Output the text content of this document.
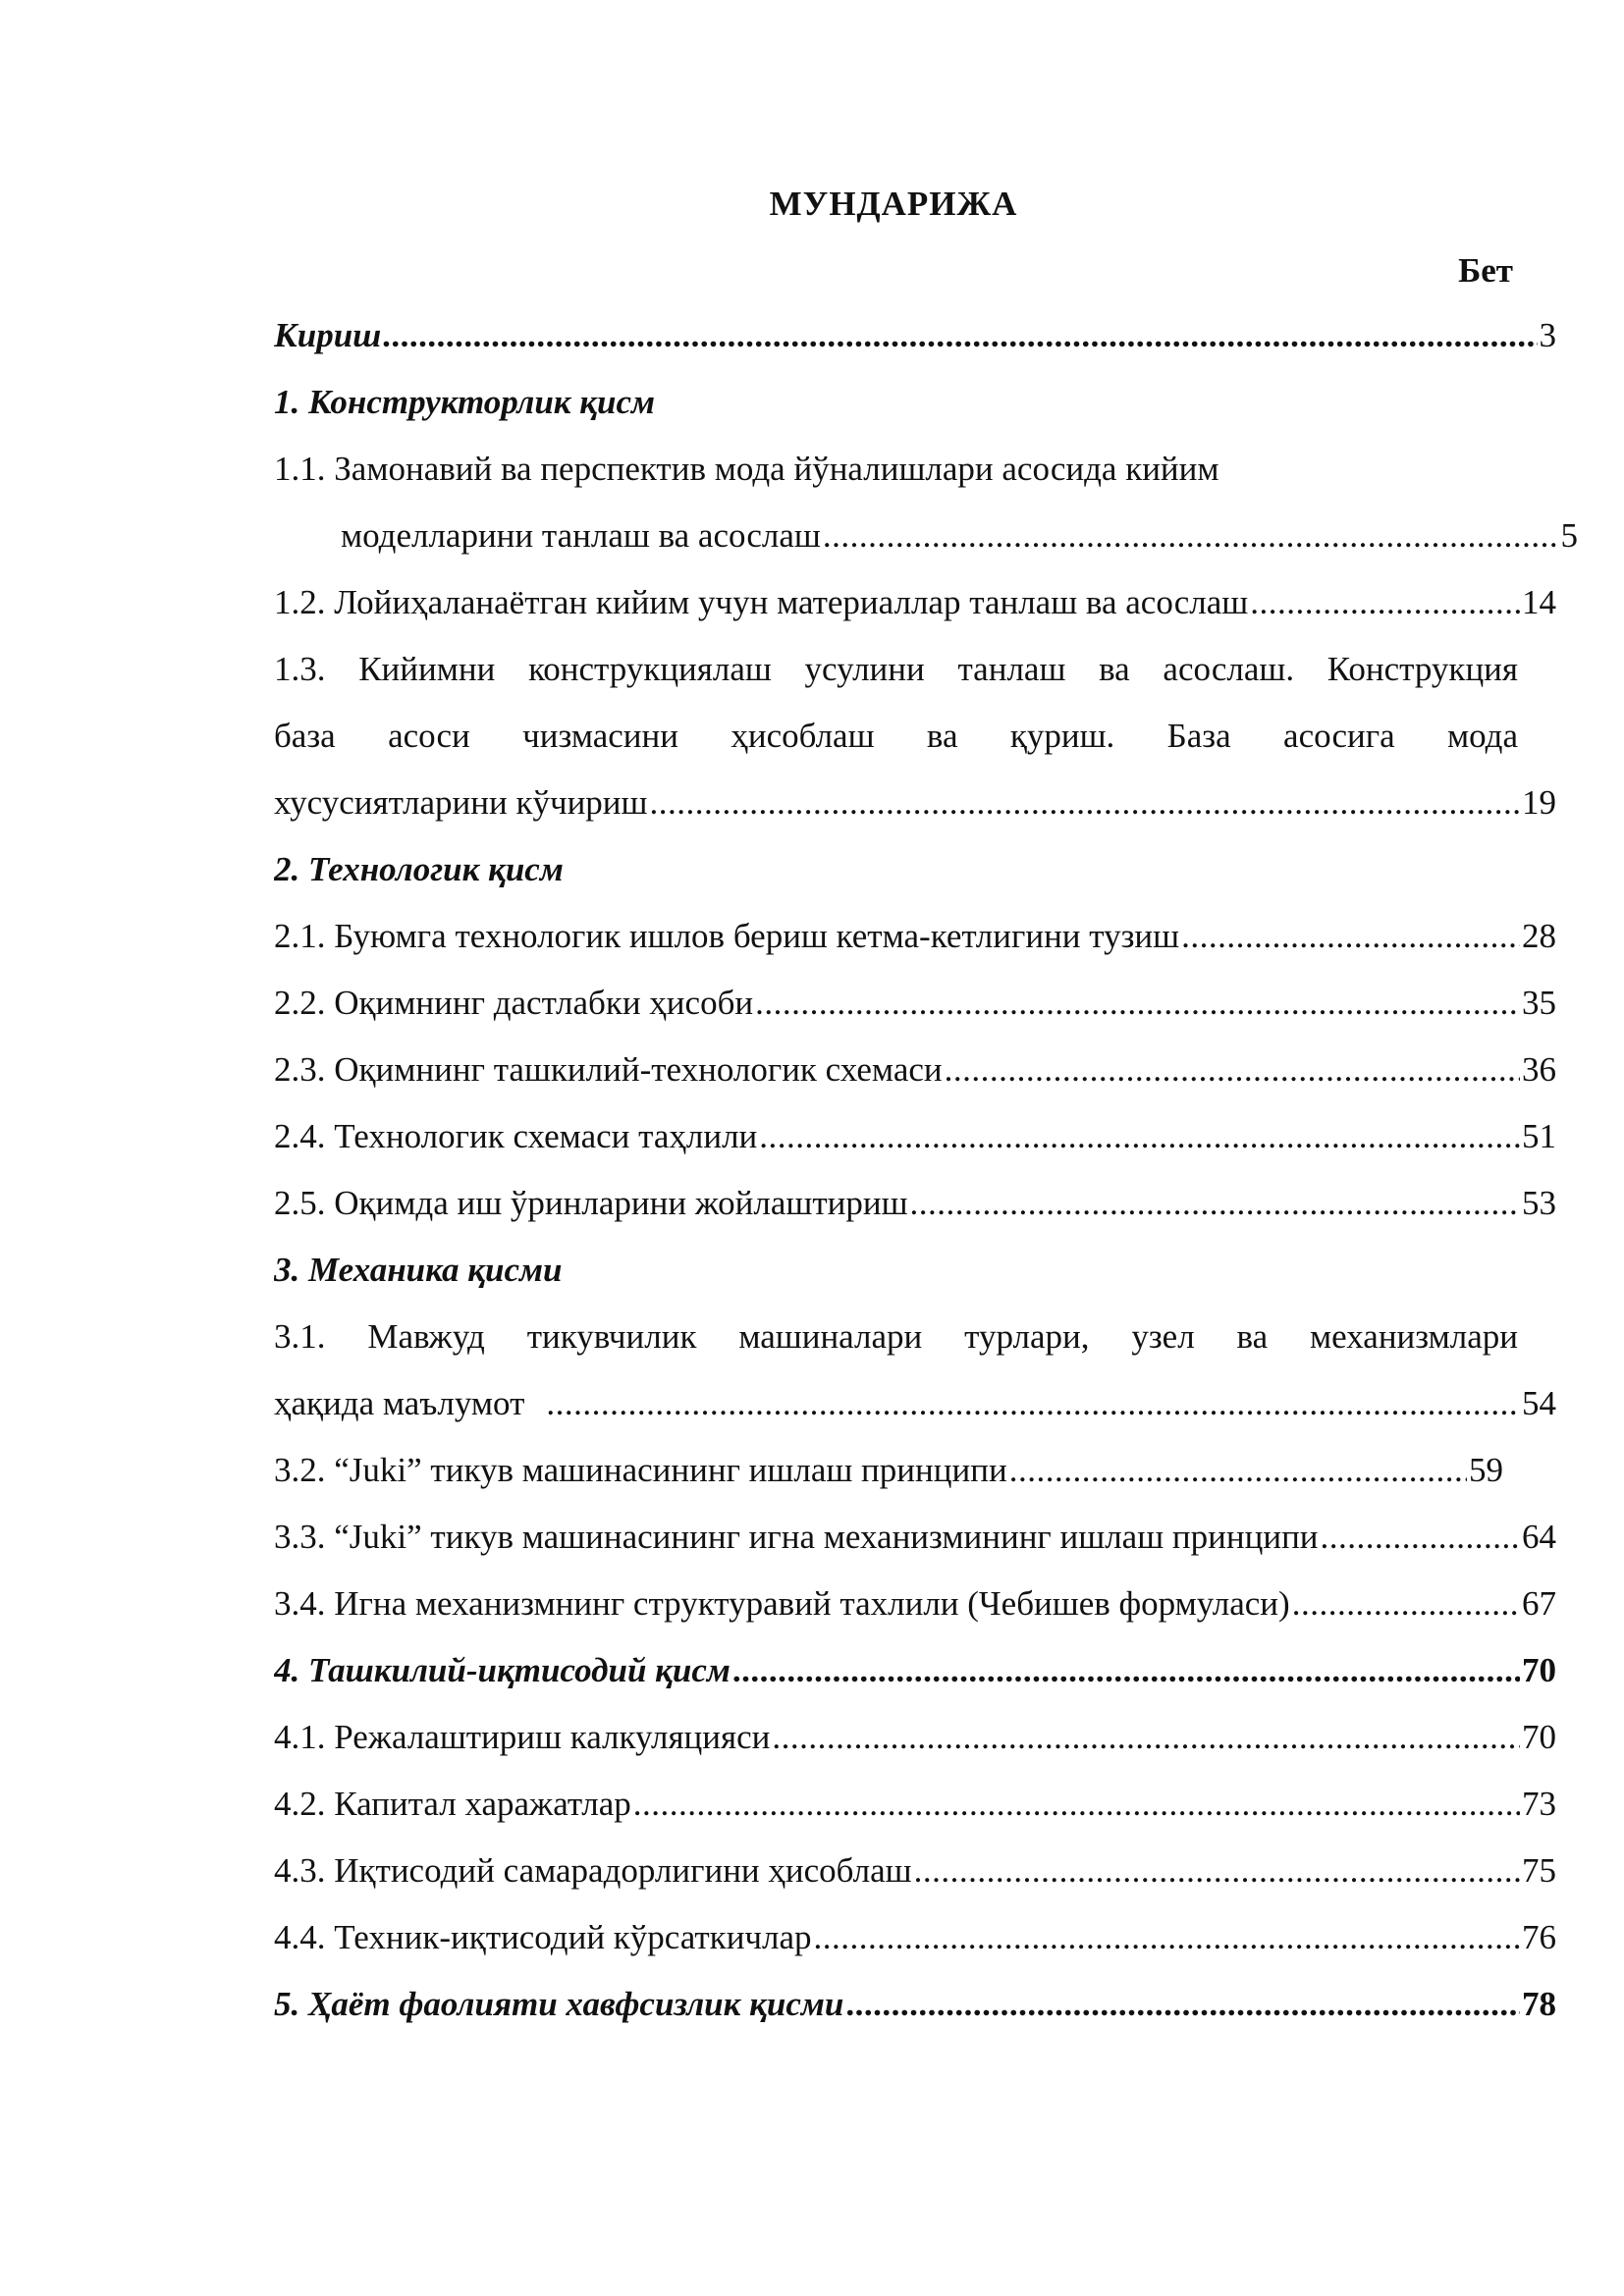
МУНДАРИЖА
Бет
Кириш .....	3
1. Конструкторлик қисм
1.1. Замонавий ва перспектив мода йўналишлари асосида кийим
моделларини танлаш ва асослаш .....	5
1.2. Лойиҳаланаётган кийим учун материаллар танлаш ва асослаш .....	14
1.3. Кийимни конструкциялаш усулини танлаш ва асослаш. Конструкция
база асоси чизмасини ҳисоблаш ва қуриш. База асосига мода
хусусиятларини кўчириш .....	19
2. Технологик қисм
2.1. Буюмга технологик ишлов бериш кетма-кетлигини тузиш .....	28
2.2. Оқимнинг дастлабки ҳисоби .....	35
2.3. Оқимнинг ташкилий-технологик схемаси .....	36
2.4. Технологик схемаси таҳлили .....	51
2.5. Оқимда иш ўринларини жойлаштириш .....	53
3. Механика қисми
3.1. Мавжуд тикувчилик машиналари турлари, узел ва механизмлари
ҳақида маълумот .....	54
3.2. “Juki” тикув машинасининг ишлаш принципи .....	59
3.3. “Juki” тикув машинасининг игна механизмининг ишлаш принципи .....	64
3.4. Игна механизмнинг структуравий тахлили (Чебишев формуласи) .....	67
4. Ташкилий-иқтисодий қисм .....	70
4.1. Режалаштириш калкуляцияси .....	70
4.2. Капитал харажатлар .....	73
4.3. Иқтисодий самарадорлигини ҳисоблаш .....	75
4.4. Техник-иқтисодий кўрсаткичлар .....	76
5. Ҳаёт фаолияти хавфсизлик қисми .....	78
